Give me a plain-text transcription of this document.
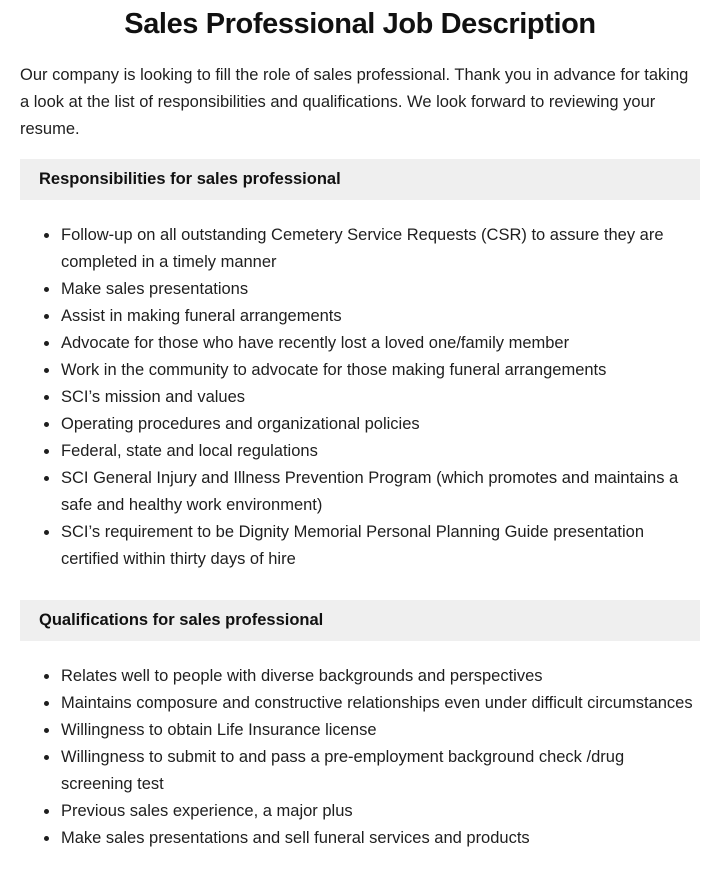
Sales Professional Job Description

Our company is looking to fill the role of sales professional. Thank you in advance for taking a look at the list of responsibilities and qualifications. We look forward to reviewing your resume.

Responsibilities for sales professional
• Follow-up on all outstanding Cemetery Service Requests (CSR) to assure they are completed in a timely manner
• Make sales presentations
• Assist in making funeral arrangements
• Advocate for those who have recently lost a loved one/family member
• Work in the community to advocate for those making funeral arrangements
• SCI’s mission and values
• Operating procedures and organizational policies
• Federal, state and local regulations
• SCI General Injury and Illness Prevention Program (which promotes and maintains a safe and healthy work environment)
• SCI’s requirement to be Dignity Memorial Personal Planning Guide presentation certified within thirty days of hire
Qualifications for sales professional
• Relates well to people with diverse backgrounds and perspectives
• Maintains composure and constructive relationships even under difficult circumstances
• Willingness to obtain Life Insurance license
• Willingness to submit to and pass a pre-employment background check /drug screening test
• Previous sales experience, a major plus
• Make sales presentations and sell funeral services and products
